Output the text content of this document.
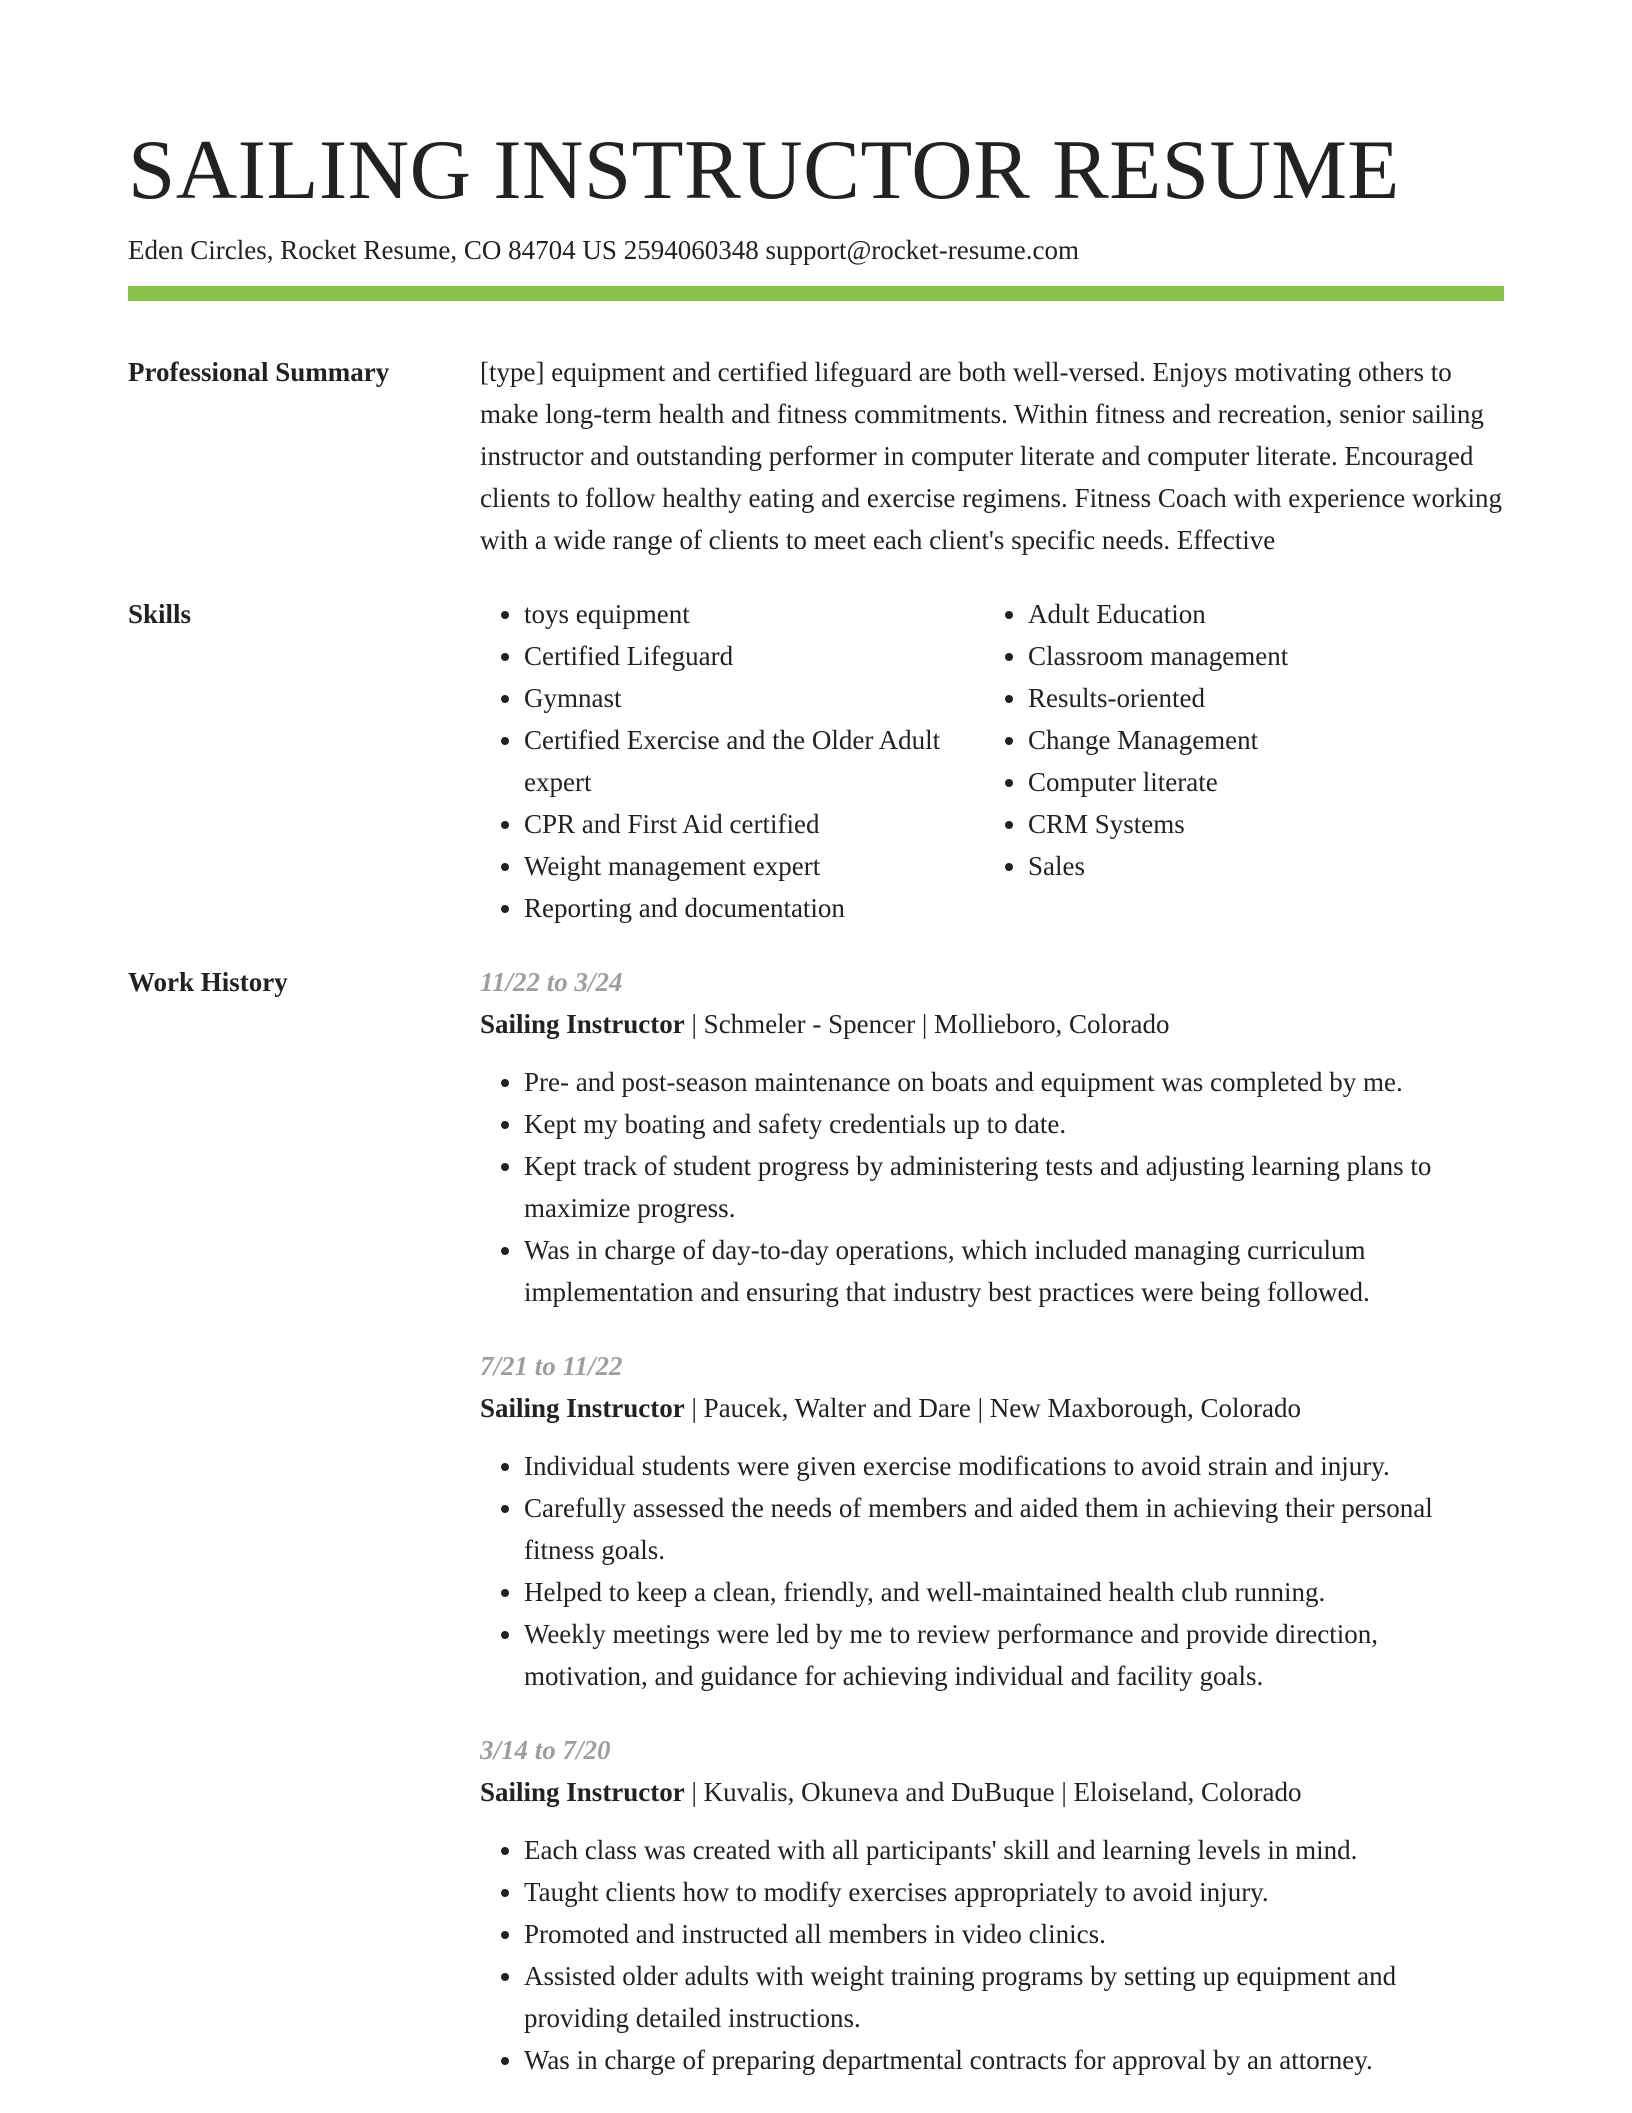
SAILING INSTRUCTOR RESUME
Eden Circles, Rocket Resume, CO 84704 US 2594060348 support@rocket-resume.com
Professional Summary	[type] equipment and certified lifeguard are both well-versed. Enjoys motivating others to make long-term health and fitness commitments. Within fitness and recreation, senior sailing instructor and outstanding performer in computer literate and computer literate. Encouraged clients to follow healthy eating and exercise regimens. Fitness Coach with experience working with a wide range of clients to meet each client's specific needs. Effective
Skills
•	toys equipment
• Certified Lifeguard
• Gymnast
• Certified Exercise and the Older Adult expert
• CPR and First Aid certified
• Weight management expert
• Reporting and documentation
• Adult Education
• Classroom management
• Results-oriented
• Change Management
• Computer literate
• CRM Systems
• Sales
Work History	11/22 to 3/24
Sailing Instructor | Schmeler - Spencer | Mollieboro, Colorado
• Pre- and post-season maintenance on boats and equipment was completed by me.
• Kept my boating and safety credentials up to date.
• Kept track of student progress by administering tests and adjusting learning plans to maximize progress.
• Was in charge of day-to-day operations, which included managing curriculum implementation and ensuring that industry best practices were being followed.
7/21 to 11/22
Sailing Instructor | Paucek, Walter and Dare | New Maxborough, Colorado
• Individual students were given exercise modifications to avoid strain and injury.
• Carefully assessed the needs of members and aided them in achieving their personal fitness goals.
• Helped to keep a clean, friendly, and well-maintained health club running.
• Weekly meetings were led by me to review performance and provide direction, motivation, and guidance for achieving individual and facility goals.
3/14 to 7/20
Sailing Instructor | Kuvalis, Okuneva and DuBuque | Eloiseland, Colorado
• Each class was created with all participants' skill and learning levels in mind.
• Taught clients how to modify exercises appropriately to avoid injury.
• Promoted and instructed all members in video clinics.
• Assisted older adults with weight training programs by setting up equipment and providing detailed instructions.
• Was in charge of preparing departmental contracts for approval by an attorney.
